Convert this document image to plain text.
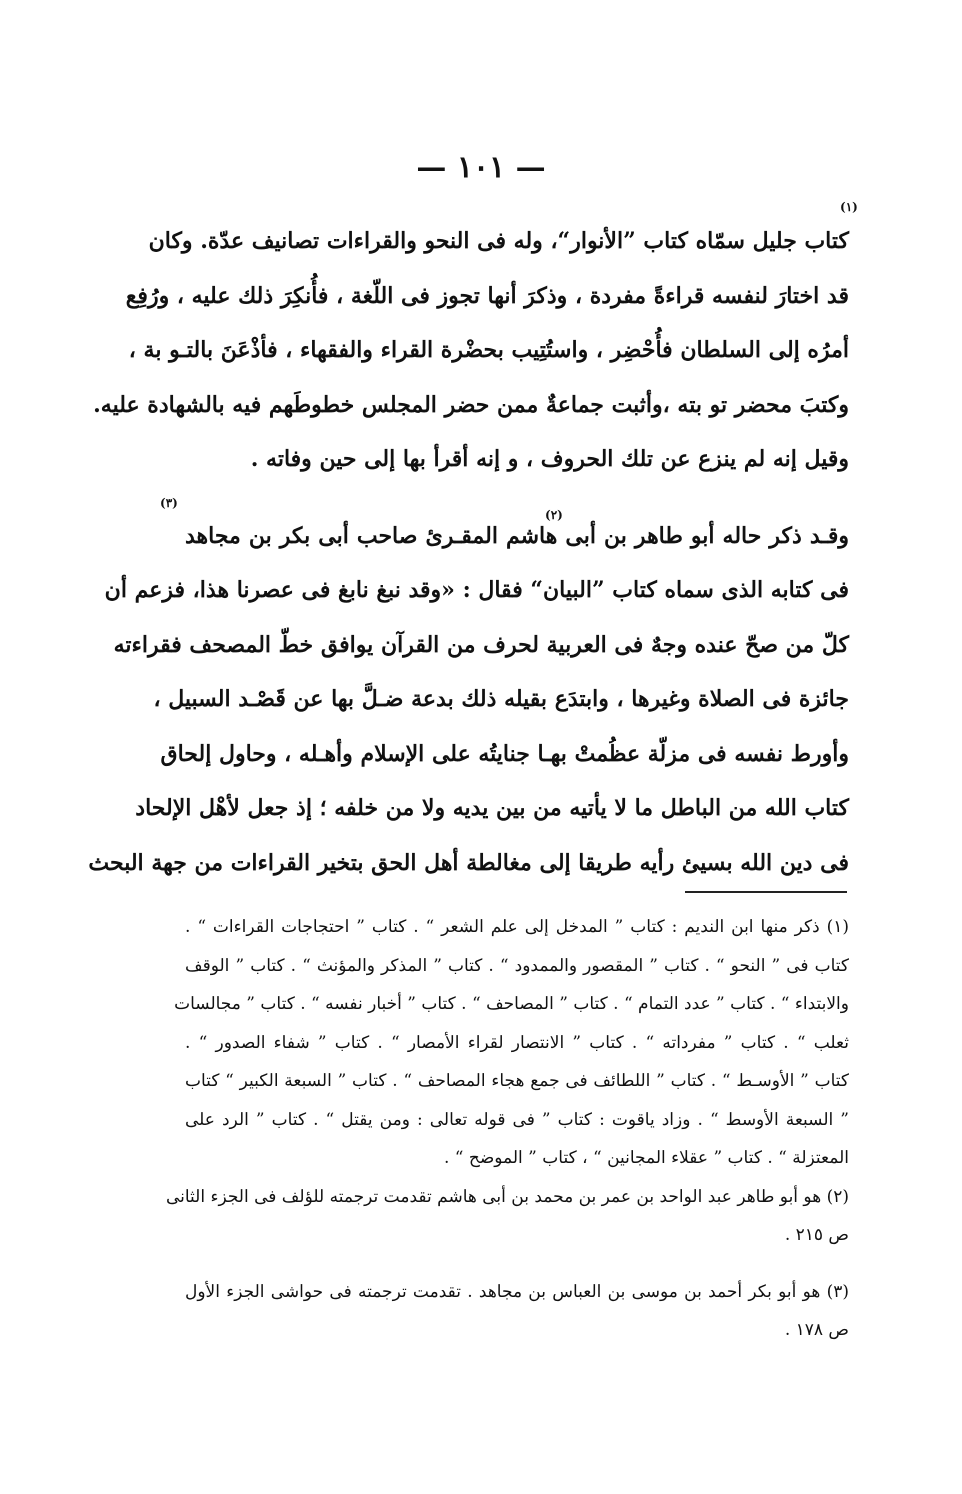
— ١٠١ —
كتاب جليل سمّاه كتاب ”الأنوار“، وله فى النحو والقراءات تصانيف عدّة. وكان
قد اختارَ لنفسه قراءةً مفردة ، وذكرَ أنها تجوز فى اللّغة ، فأُنكِرَ ذلك عليه ، ورُفِع
أمرُه إلى السلطان فأُحْضِر ، واستُتِيب بحضْرة القراء والفقهاء ، فأذْعَنَ بالتـو بة ،
وكتبَ محضر تو بته ،وأثبت جماعةٌ ممن حضر المجلس خطوطَهم فيه بالشهادة عليه.
وقيل إنه لم ينزع عن تلك الحروف ، و إنه أقرأ بها إلى حين وفاته .
وقـد ذكر حاله أبو طاهر بن أبى هاشم المقـرئ صاحب أبى بكر بن مجاهد
فى كتابه الذى سماه كتاب ”البيان“ فقال : «وقد نبغ نابغ فى عصرنا هذا، فزعم أن
كلّ من صحّ عنده وجهٌ فى العربية لحرف من القرآن يوافق خطّ المصحف فقراءته
جائزة فى الصلاة وغيرها ، وابتدَع بقيله ذلك بدعة ضـلَّ بها عن قَصْـد السبيل ،
وأورط نفسه فى مزلّة عظُمتْ بهـا جنايتُه على الإسلام وأهـله ، وحاول إلحاق
كتاب الله من الباطل ما لا يأتيه من بين يديه ولا من خلفه ؛ إذ جعل لأهْل الإلحاد
فى دين الله بسيئ رأيه طريقا إلى مغالطة أهل الحق بتخير القراءات من جهة البحث
(١) ذكر منها ابن النديم : كتاب ” المدخل إلى علم الشعر “ . كتاب ” احتجاجات القراءات “ .
كتاب فى ” النحو “ . كتاب ” المقصور والممدود “ . كتاب ” المذكر والمؤنث “ . كتاب ” الوقف
والابتداء “ . كتاب ” عدد التمام “ . كتاب ” المصاحف “ . كتاب ” أخبار نفسه “ . كتاب ” مجالسات
ثعلب “ . كتاب ” مفرداته “ . كتاب ” الانتصار لقراء الأمصار “ . كتاب ” شفاء الصدور “ .
كتاب ” الأوسـط “ . كتاب ” اللطائف فى جمع هجاء المصاحف “ . كتاب ” السبعة الكبير “ كتاب
” السبعة الأوسط “ . وزاد ياقوت : كتاب ” فى قوله تعالى : ومن يقتل “ . كتاب ” الرد على
المعتزلة “ . كتاب ” عقلاء المجانين “ ، كتاب ” الموضح “ .
(٢) هو أبو طاهر عبد الواحد بن عمر بن محمد بن أبى هاشم تقدمت ترجمته للؤلف فى الجزء الثانى
ص ٢١٥ .
(٣) هو أبو بكر أحمد بن موسى بن العباس بن مجاهد . تقدمت ترجمته فى حواشى الجزء الأول
ص ١٧٨ .
(١)
(٢)
(٣)
